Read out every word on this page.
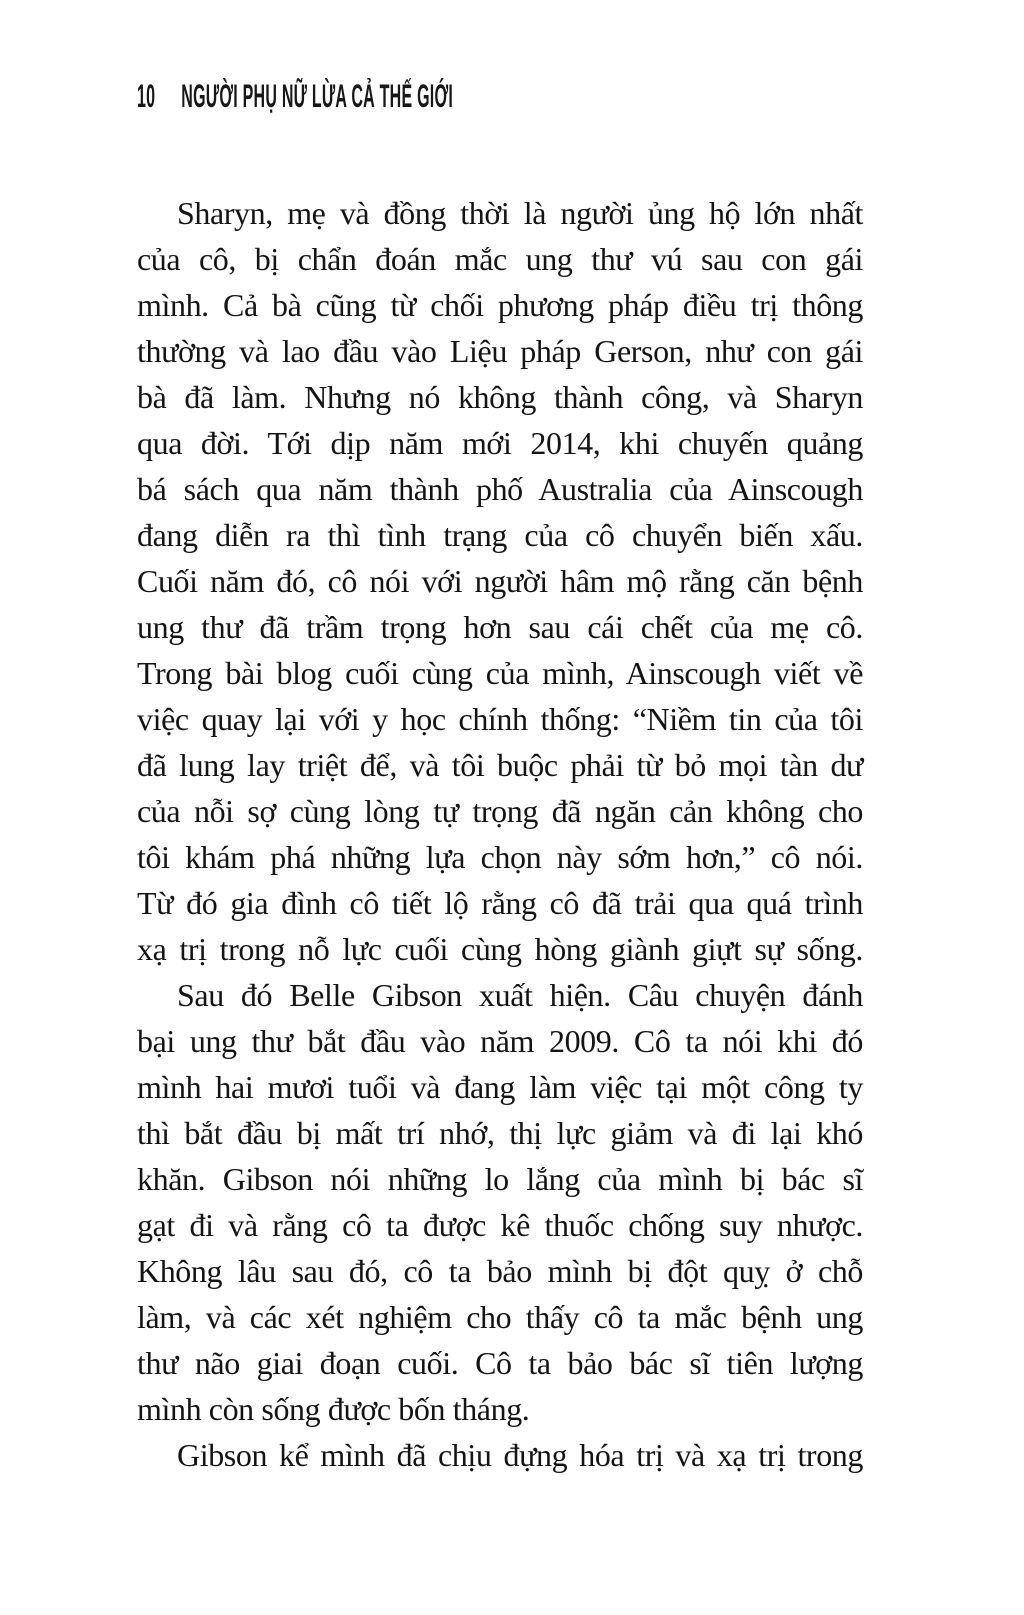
10 NGƯỜI PHỤ NỮ LỪA CẢ THẾ GIỚI
Sharyn, mẹ và đồng thời là người ủng hộ lớn nhất
của cô, bị chẩn đoán mắc ung thư vú sau con gái
mình. Cả bà cũng từ chối phương pháp điều trị thông
thường và lao đầu vào Liệu pháp Gerson, như con gái
bà đã làm. Nhưng nó không thành công, và Sharyn
qua đời. Tới dịp năm mới 2014, khi chuyến quảng
bá sách qua năm thành phố Australia của Ainscough
đang diễn ra thì tình trạng của cô chuyển biến xấu.
Cuối năm đó, cô nói với người hâm mộ rằng căn bệnh
ung thư đã trầm trọng hơn sau cái chết của mẹ cô.
Trong bài blog cuối cùng của mình, Ainscough viết về
việc quay lại với y học chính thống: “Niềm tin của tôi
đã lung lay triệt để, và tôi buộc phải từ bỏ mọi tàn dư
của nỗi sợ cùng lòng tự trọng đã ngăn cản không cho
tôi khám phá những lựa chọn này sớm hơn,” cô nói.
Từ đó gia đình cô tiết lộ rằng cô đã trải qua quá trình
xạ trị trong nỗ lực cuối cùng hòng giành giựt sự sống.
Sau đó Belle Gibson xuất hiện. Câu chuyện đánh
bại ung thư bắt đầu vào năm 2009. Cô ta nói khi đó
mình hai mươi tuổi và đang làm việc tại một công ty
thì bắt đầu bị mất trí nhớ, thị lực giảm và đi lại khó
khăn. Gibson nói những lo lắng của mình bị bác sĩ
gạt đi và rằng cô ta được kê thuốc chống suy nhược.
Không lâu sau đó, cô ta bảo mình bị đột quỵ ở chỗ
làm, và các xét nghiệm cho thấy cô ta mắc bệnh ung
thư não giai đoạn cuối. Cô ta bảo bác sĩ tiên lượng
mình còn sống được bốn tháng.
Gibson kể mình đã chịu đựng hóa trị và xạ trị trong
